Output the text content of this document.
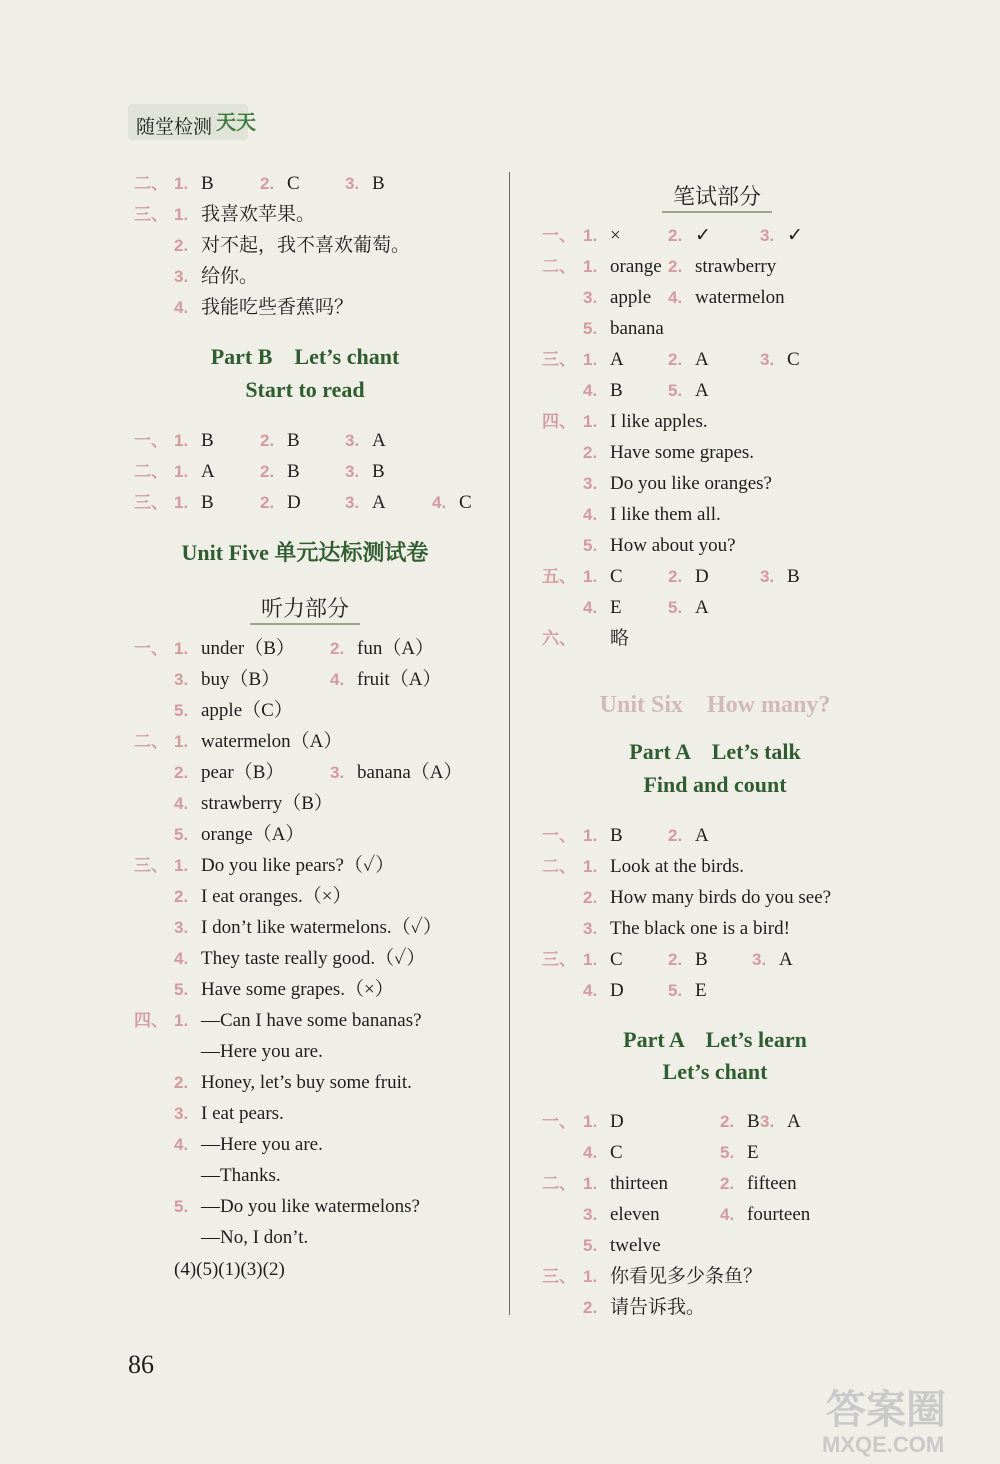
随堂检测 天天
二、 1. B	2. C	3. B
三、 1. 我喜欢苹果。
2. 对不起，我不喜欢葡萄。
3. 给你。
4. 我能吃些香蕉吗？
Part B　Let’s chant
Start to read
一、 1. B	2. B	3. A
二、 1. A	2. B	3. B
三、 1. B	2. D	3. A	4. C
Unit Five 单元达标测试卷
听力部分
一、 1. under（B） 2. fun（A）
3. buy（B）	4. fruit（A）
5. apple（C）
二、 1. watermelon（A）
2. pear（B）	3. banana（A）
4. strawberry（B）
5. orange（A）
三、 1. Do you like pears?（✓）
2. I eat oranges.（×）
3. I don’t like watermelons.（✓）
4. They taste really good.（✓）
5. Have some grapes.（×）
四、 1. —Can I have some bananas?
—Here you are.
2. Honey, let’s buy some fruit.
3. I eat pears.
4. —Here you are.
—Thanks.
5. —Do you like watermelons?
—No, I don’t.
(4)(5)(1)(3)(2)
86
笔试部分
一、 1. ×	2. ✓	3. ✓
二、 1. orange 2. strawberry
3. apple 4. watermelon
5. banana
三、 1. A	2. A	3. C
4. B	5. A
四、 1. I like apples.
2. Have some grapes.
3. Do you like oranges?
4. I like them all.
5. How about you?
五、 1. C	2. D	3. B
4. E	5. A
六、 略
Unit Six　How many?
Part A　Let’s talk
Find and count
一、 1. B	2. A
二、 1. Look at the birds.
2. How many birds do you see?
3. The black one is a bird!
三、 1. C	2. B	3. A
4. D	5. E
Part A　Let’s learn
Let’s chant
一、 1. D	2. B 3. A
4. C	5. E
二、 1. thirteen	2. fifteen
3. eleven	4. fourteen
5. twelve
三、 1. 你看见多少条鱼？
2. 请告诉我。
答案圈
MXQE.COM
